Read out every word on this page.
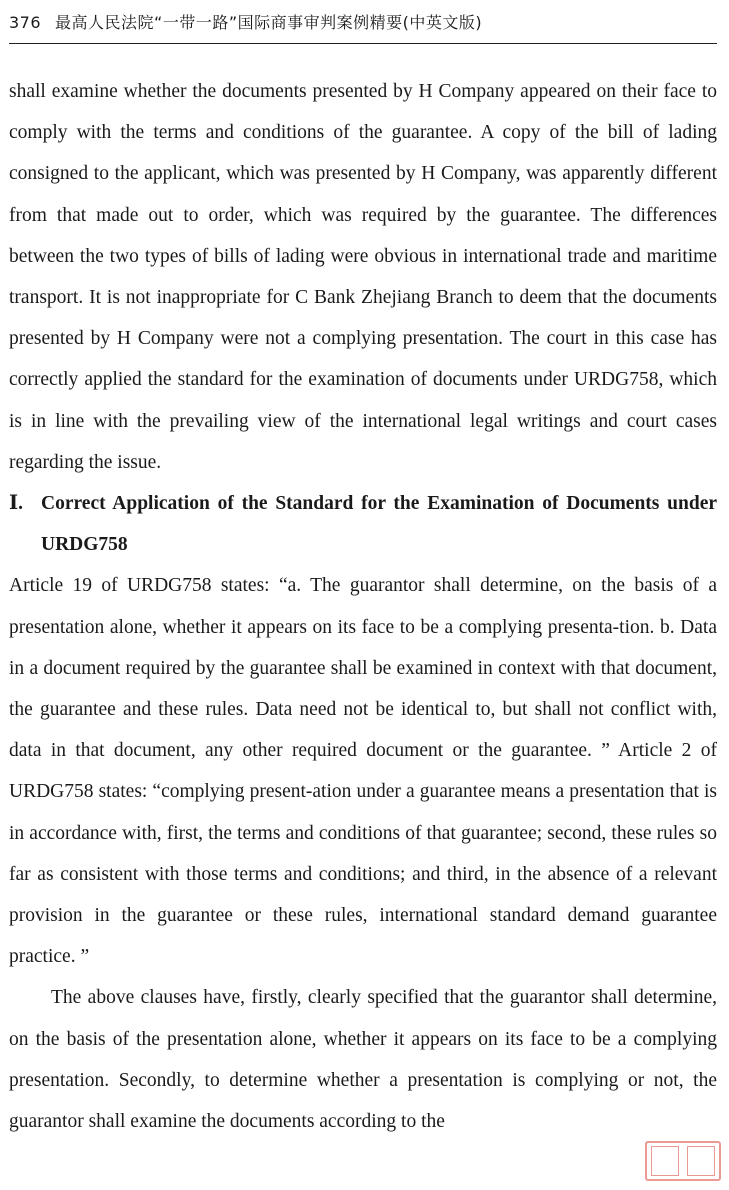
376 最高人民法院“一带一路”国际商事审判案例精要(中英文版)

shall examine whether the documents presented by H Company appeared on their face to comply with the terms and conditions of the guarantee. A copy of the bill of lading consigned to the applicant, which was presented by H Company, was apparently different from that made out to order, which was required by the guarantee. The differences between the two types of bills of lading were obvious in international trade and maritime transport. It is not inappropriate for C Bank Zhejiang Branch to deem that the documents presented by H Company were not a complying presentation. The court in this case has correctly applied the standard for the examination of documents under URDG758, which is in line with the prevailing view of the international legal writings and court cases regarding the issue.

Ⅰ. Correct Application of the Standard for the Examination of Documents under URDG758

Article 19 of URDG758 states: “a. The guarantor shall determine, on the basis of a presentation alone, whether it appears on its face to be a complying presenta-tion. b. Data in a document required by the guarantee shall be examined in context with that document, the guarantee and these rules. Data need not be identical to, but shall not conflict with, data in that document, any other required document or the guarantee. ” Article 2 of URDG758 states: “complying present-ation under a guarantee means a presentation that is in accordance with, first, the terms and conditions of that guarantee; second, these rules so far as consistent with those terms and conditions; and third, in the absence of a relevant provision in the guarantee or these rules, international standard demand guarantee practice. ”

The above clauses have, firstly, clearly specified that the guarantor shall determine, on the basis of the presentation alone, whether it appears on its face to be a complying presentation. Secondly, to determine whether a presentation is complying or not, the guarantor shall examine the documents according to the
